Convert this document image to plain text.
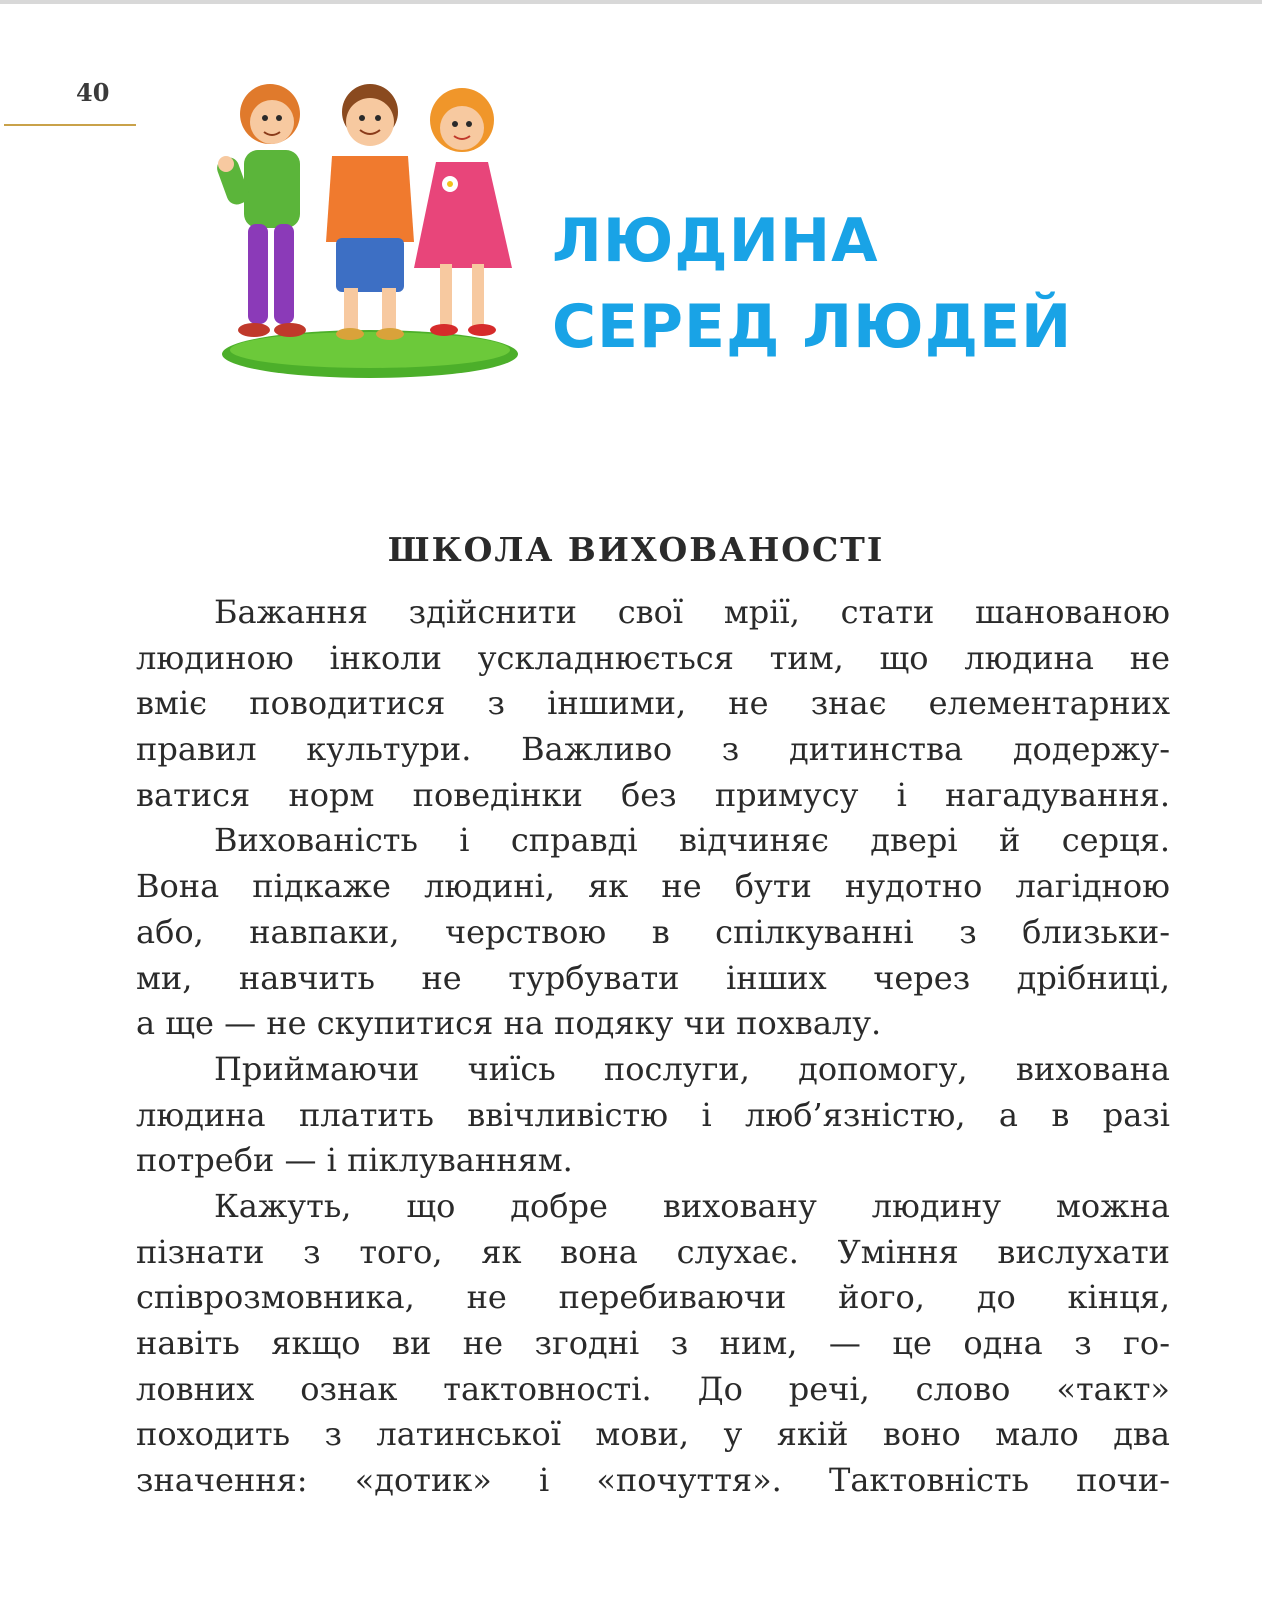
40
ЛЮДИНА
СЕРЕД ЛЮДЕЙ
ШКОЛА ВИХОВАНОСТІ
Бажання здійснити свої мрії, стати шанованою
людиною інколи ускладнюється тим, що людина не
вміє поводитися з іншими, не знає елементарних
правил культури. Важливо з дитинства додержу-
ватися норм поведінки без примусу і нагадування.
Вихованість і справді відчиняє двері й серця.
Вона підкаже людині, як не бути нудотно лагідною
або, навпаки, черствою в спілкуванні з близьки-
ми, навчить не турбувати інших через дрібниці,
а ще — не скупитися на подяку чи похвалу.
Приймаючи чиїсь послуги, допомогу, вихована
людина платить ввічливістю і люб’язністю, а в разі
потреби — і піклуванням.
Кажуть, що добре виховану людину можна
пізнати з того, як вона слухає. Уміння вислухати
співрозмовника, не перебиваючи його, до кінця,
навіть якщо ви не згодні з ним, — це одна з го-
ловних ознак тактовності. До речі, слово «такт»
походить з латинської мови, у якій воно мало два
значення: «дотик» і «почуття». Тактовність почи-
